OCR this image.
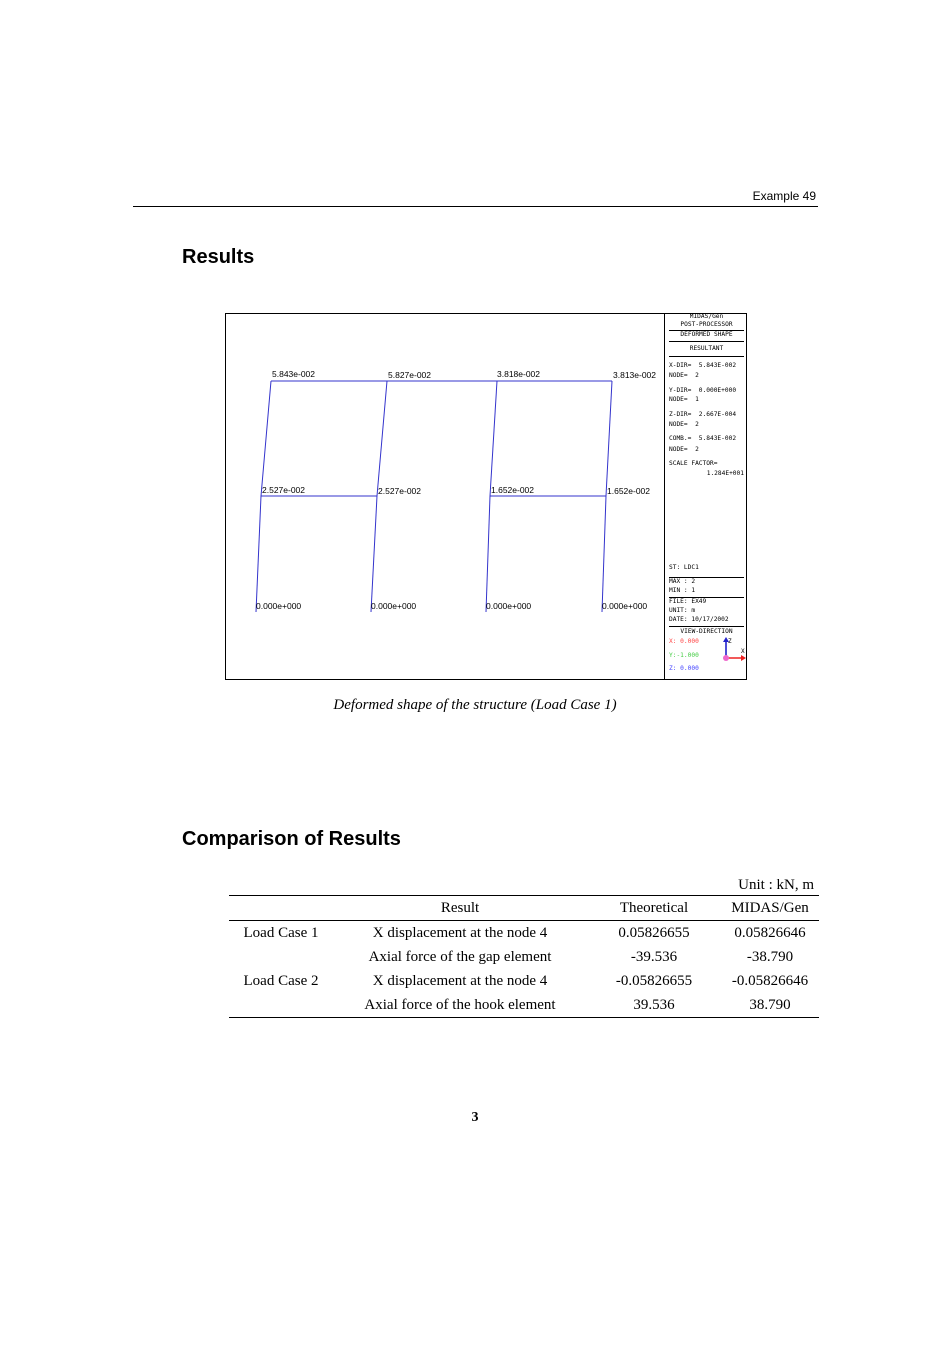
Example 49
Results
5.843e-002	5.827e-002	3.818e-002	3.813e-002
2.527e-002	2.527e-002	1.652e-002	1.652e-002
0.000e+000	0.000e+000	0.000e+000	0.000e+000
MIDAS/Gen
POST-PROCESSOR
DEFORMED SHAPE
RESULTANT
X-DIR=  5.843E-002
NODE=  2
Y-DIR=  0.000E+000
NODE=  1
Z-DIR=  2.667E-004
NODE=  2
COMB.=  5.843E-002
NODE=  2
SCALE FACTOR=
1.284E+001
ST: LDC1
MAX : 2
MIN : 1
FILE: EX49
UNIT: m
DATE: 10/17/2002
VIEW-DIRECTION
X: 0.000
Y:-1.000
Z: 0.000
Z
X
Deformed shape of the structure (Load Case 1)
Comparison of Results
Unit : kN, m
	Result	Theoretical	MIDAS/Gen
Load Case 1	X displacement at the node 4	0.05826655	0.05826646
	Axial force of the gap element	-39.536	-38.790
Load Case 2	X displacement at the node 4	-0.05826655	-0.05826646
	Axial force of the hook element	39.536	38.790
3
